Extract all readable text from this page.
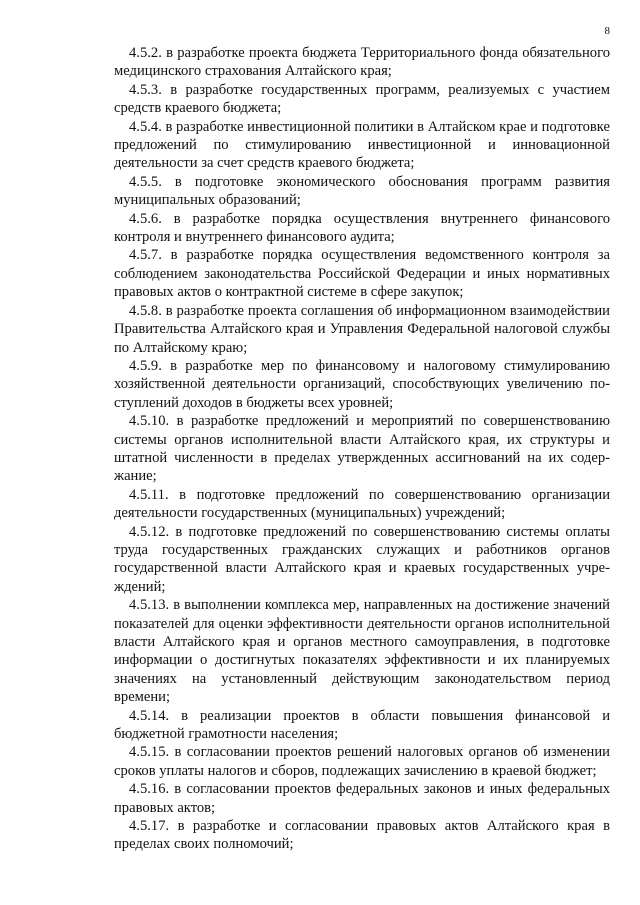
8

4.5.2. в разработке проекта бюджета Территориального фонда обязательного медицинского страхования Алтайского края;

4.5.3. в разработке государственных программ, реализуемых с участием средств краевого бюджета;

4.5.4. в разработке инвестиционной политики в Алтайском крае и подготовке предложений по стимулированию инвестиционной и инновационной деятельности за счет средств краевого бюджета;

4.5.5. в подготовке экономического обоснования программ развития муниципальных образований;

4.5.6. в разработке порядка осуществления внутреннего финансового контроля и внутреннего финансового аудита;

4.5.7. в разработке порядка осуществления ведомственного контроля за соблюдением законодательства Российской Федерации и иных нормативных правовых актов о контрактной системе в сфере закупок;

4.5.8. в разработке проекта соглашения об информационном взаимодействии Правительства Алтайского края и Управления Федеральной налоговой службы по Алтайскому краю;

4.5.9. в разработке мер по финансовому и налоговому стимулированию хозяйственной деятельности организаций, способствующих увеличению поступлений доходов в бюджеты всех уровней;

4.5.10. в разработке предложений и мероприятий по совершенствованию системы органов исполнительной власти Алтайского края, их структуры и штатной численности в пределах утвержденных ассигнований на их содержание;

4.5.11. в подготовке предложений по совершенствованию организации деятельности государственных (муниципальных) учреждений;

4.5.12. в подготовке предложений по совершенствованию системы оплаты труда государственных гражданских служащих и работников органов государственной власти Алтайского края и краевых государственных учреждений;

4.5.13. в выполнении комплекса мер, направленных на достижение значений показателей для оценки эффективности деятельности органов исполнительной власти Алтайского края и органов местного самоуправления, в подготовке информации о достигнутых показателях эффективности и их планируемых значениях на установленный действующим законодательством период времени;

4.5.14. в реализации проектов в области повышения финансовой и бюджетной грамотности населения;

4.5.15. в согласовании проектов решений налоговых органов об изменении сроков уплаты налогов и сборов, подлежащих зачислению в краевой бюджет;

4.5.16. в согласовании проектов федеральных законов и иных федеральных правовых актов;

4.5.17. в разработке и согласовании правовых актов Алтайского края в пределах своих полномочий;
